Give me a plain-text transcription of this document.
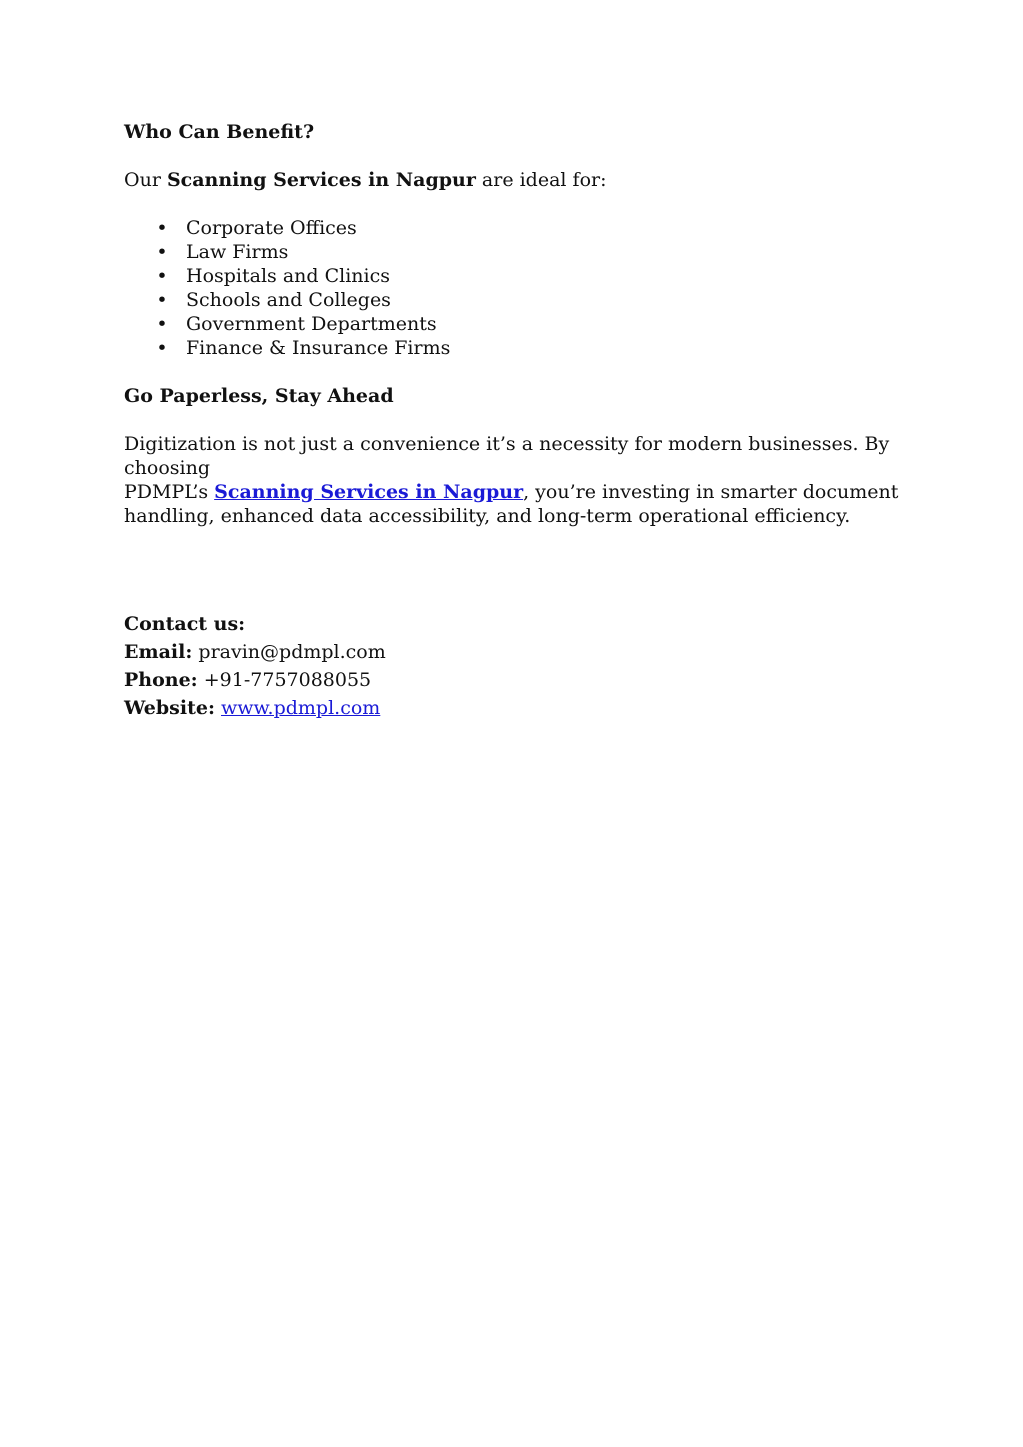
Who Can Benefit?

Our Scanning Services in Nagpur are ideal for:

• Corporate Offices
• Law Firms
• Hospitals and Clinics
• Schools and Colleges
• Government Departments
• Finance & Insurance Firms

Go Paperless, Stay Ahead

Digitization is not just a convenience it’s a necessity for modern businesses. By choosing

PDMPL’s Scanning Services in Nagpur, you’re investing in smarter document

handling, enhanced data accessibility, and long-term operational efficiency.

Contact us:

Email: pravin@pdmpl.com

Phone: +91-7757088055

Website: www.pdmpl.com
